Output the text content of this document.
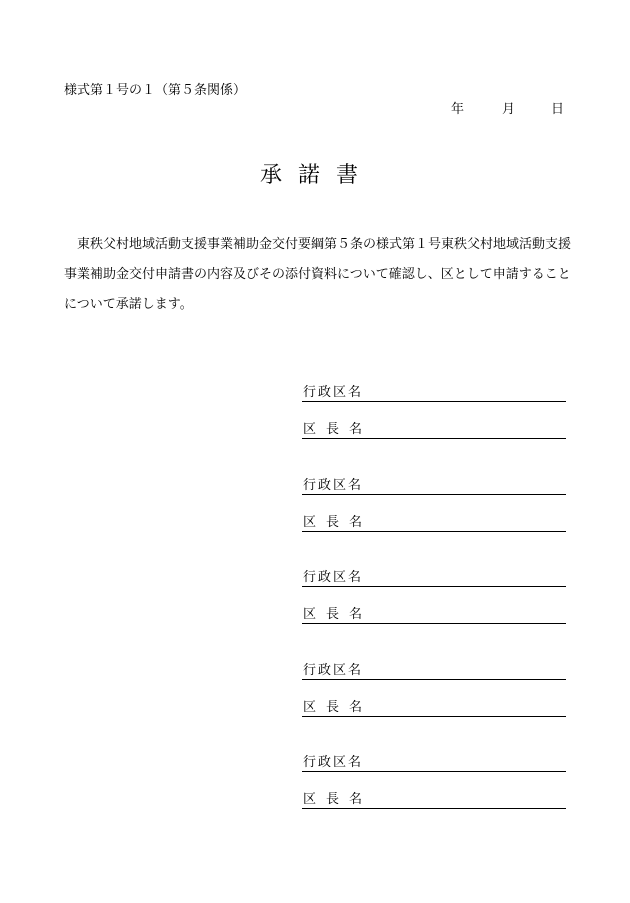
様式第１号の１（第５条関係）
年	月	日
承諾書
東秩父村地域活動支援事業補助金交付要綱第５条の様式第１号東秩父村地域活動支援事業補助金交付申請書の内容及びその添付資料について確認し、区として申請することについて承諾します。
行政区名
区長名
行政区名
区長名
行政区名
区長名
行政区名
区長名
行政区名
区長名
